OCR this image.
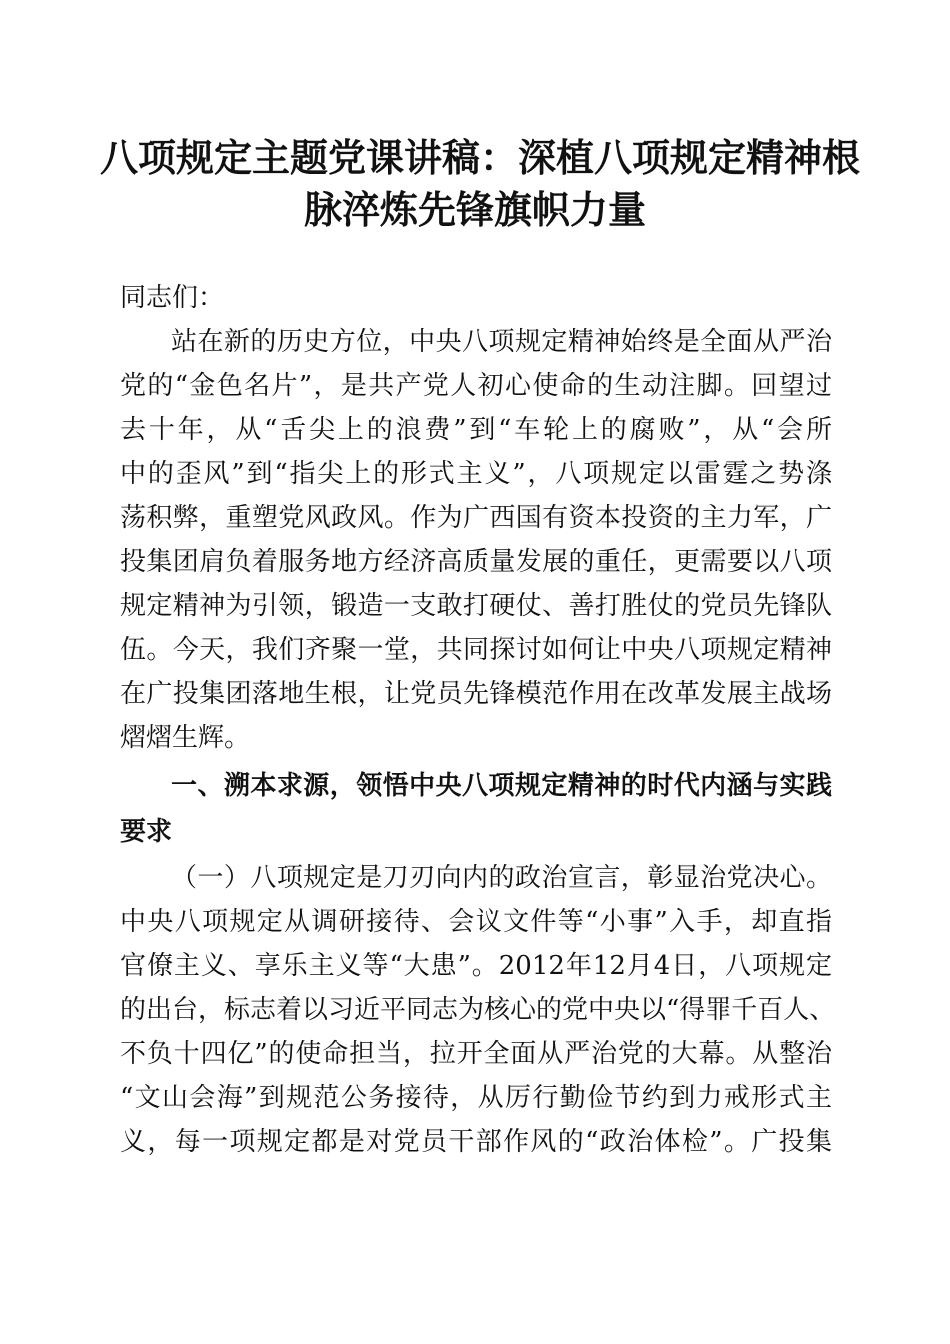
八项规定主题党课讲稿：深植八项规定精神根
脉淬炼先锋旗帜力量

同志们：

站在新的历史方位，中央八项规定精神始终是全面从严治

党的“金色名片”，是共产党人初心使命的生动注脚。回望过

去十年，从“舌尖上的浪费”到“车轮上的腐败”，从“会所

中的歪风”到“指尖上的形式主义”，八项规定以雷霆之势涤

荡积弊，重塑党风政风。作为广西国有资本投资的主力军，广

投集团肩负着服务地方经济高质量发展的重任，更需要以八项

规定精神为引领，锻造一支敢打硬仗、善打胜仗的党员先锋队

伍。今天，我们齐聚一堂，共同探讨如何让中央八项规定精神

在广投集团落地生根，让党员先锋模范作用在改革发展主战场

熠熠生辉。

一、溯本求源，领悟中央八项规定精神的时代内涵与实践

要求

（一）八项规定是刀刃向内的政治宣言，彰显治党决心。

中央八项规定从调研接待、会议文件等“小事”入手，却直指

官僚主义、享乐主义等“大患”。2012年12月4日，八项规定

的出台，标志着以习近平同志为核心的党中央以“得罪千百人、

不负十四亿”的使命担当，拉开全面从严治党的大幕。从整治

“文山会海”到规范公务接待，从厉行勤俭节约到力戒形式主

义，每一项规定都是对党员干部作风的“政治体检”。广投集
